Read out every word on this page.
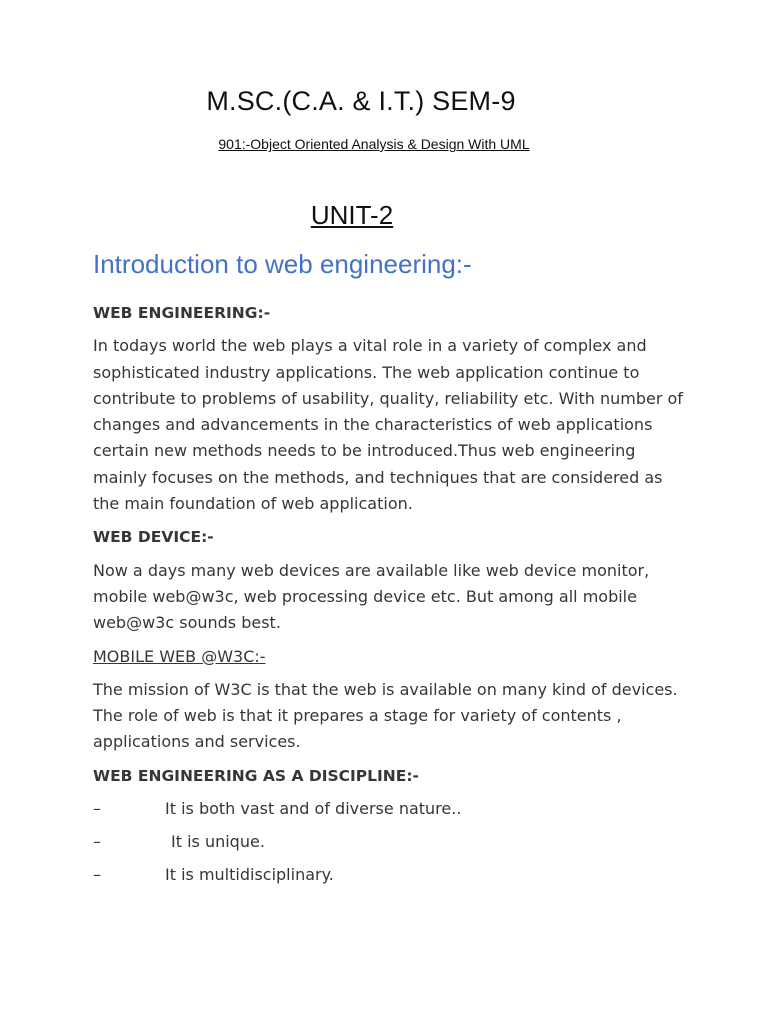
M.SC.(C.A. & I.T.) SEM-9
901:-Object Oriented Analysis & Design With UML
UNIT-2
Introduction to web engineering:-
WEB ENGINEERING:-
In todays world the web plays a vital role in a variety of complex and sophisticated industry applications. The web application continue to contribute to problems of usability, quality, reliability etc. With number of changes and advancements in the characteristics of web applications certain new methods needs to be introduced.Thus web engineering mainly focuses on the methods, and techniques that are considered as the main foundation of web application.
WEB DEVICE:-
Now a days many web devices are available like web device monitor, mobile web@w3c, web processing device etc. But among all mobile web@w3c sounds best.
MOBILE WEB @W3C:-
The mission of W3C is that the web is available on many kind of devices. The role of web is that it prepares a stage for variety of contents , applications and services.
WEB ENGINEERING AS A DISCIPLINE:-
–	It is both vast and of diverse nature..
–	It is unique.
–	It is multidisciplinary.
